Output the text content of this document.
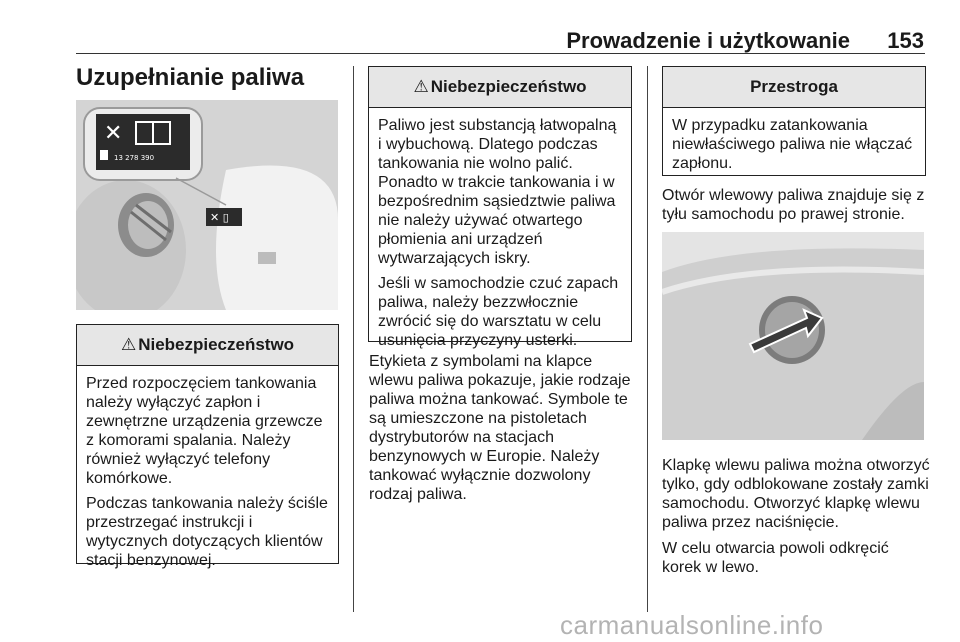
Prowadzenie i użytkowanie	153
Uzupełnianie paliwa
✕ ▯
✕
13 278 390
⚠ Niebezpieczeństwo

Przed rozpoczęciem tankowania należy wyłączyć zapłon i zewnętrzne urządzenia grzewcze z komorami spalania. Należy również wyłączyć telefony komórkowe.

Podczas tankowania należy ściśle przestrzegać instrukcji i wytycznych dotyczących klientów stacji benzynowej.

⚠ Niebezpieczeństwo

Paliwo jest substancją łatwopalną i wybuchową. Dlatego podczas tankowania nie wolno palić. Ponadto w trakcie tankowania i w bezpośrednim sąsiedztwie paliwa nie należy używać otwartego płomienia ani urządzeń wytwarzających iskry.

Jeśli w samochodzie czuć zapach paliwa, należy bezzwłocznie zwrócić się do warsztatu w celu usunięcia przyczyny usterki.

Etykieta z symbolami na klapce wlewu paliwa pokazuje, jakie rodzaje paliwa można tankować. Symbole te są umieszczone na pistoletach dystrybutorów na stacjach benzynowych w Europie. Należy tankować wyłącznie dozwolony rodzaj paliwa.

Przestroga

W przypadku zatankowania niewłaściwego paliwa nie włączać zapłonu.

Otwór wlewowy paliwa znajduje się z tyłu samochodu po prawej stronie.

Klapkę wlewu paliwa można otworzyć tylko, gdy odblokowane zostały zamki samochodu. Otworzyć klapkę wlewu paliwa przez naciśnięcie.

W celu otwarcia powoli odkręcić korek w lewo.

carmanualsonline.info
